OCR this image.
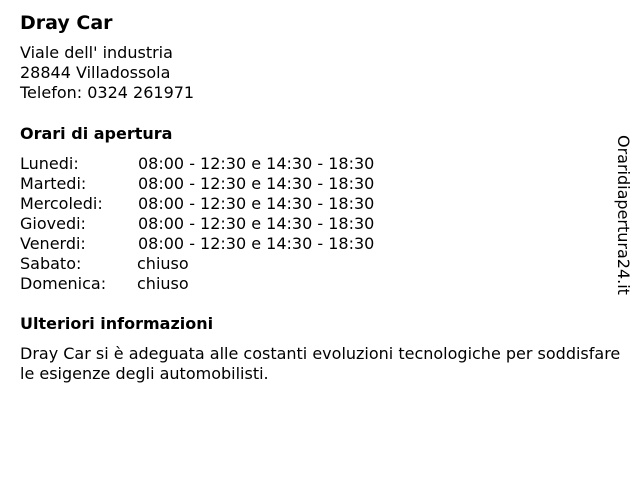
Dray Car
Viale dell' industria
28844 Villadossola
Telefon: 0324 261971
Orari di apertura
Lunedi:	08:00 - 12:30 e 14:30 - 18:30
Martedi:	08:00 - 12:30 e 14:30 - 18:30
Mercoledi: 08:00 - 12:30 e 14:30 - 18:30
Giovedi:	08:00 - 12:30 e 14:30 - 18:30
Venerdi:	08:00 - 12:30 e 14:30 - 18:30
Sabato:	chiuso
Domenica: chiuso
Ulteriori informazioni
Dray Car si è adeguata alle costanti evoluzioni tecnologiche per soddisfare le esigenze degli automobilisti.
Oraridiapertura24.it
